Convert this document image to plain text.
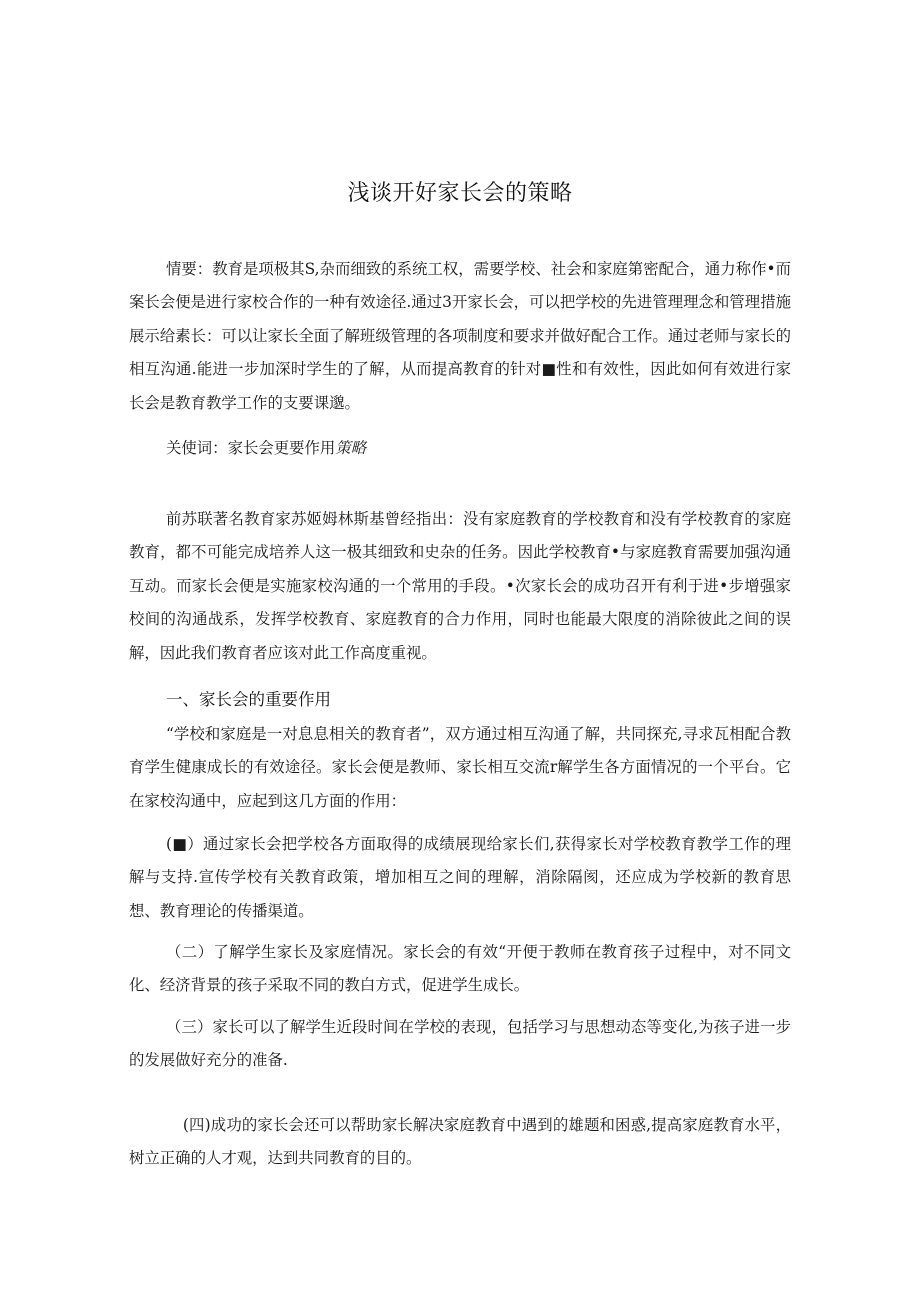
浅谈开好家长会的策略

情要：教育是项极其S,杂而细致的系统工权，需要学校、社会和家庭第密配合，通力称作•而案长会便是进行家校合作的一种有效途径.通过3开家长会，可以把学校的先进管理理念和管理措施展示给素长：可以让家长全面了解班级管理的各项制度和要求并做好配合工作。通过老师与家长的相互沟通.能进一步加深时学生的了解，从而提高教育的针对■性和有效性，因此如何有效进行家长会是教育教学工作的支要课邈。

关使词：家长会更要作用策略

前苏联著名教育家苏姬姆林斯基曾经指出：没有家庭教育的学校教育和没有学校教育的家庭教育，都不可能完成培养人这一极其细致和史杂的任务。因此学校教育•与家庭教育需要加强沟通互动。而家长会便是实施家校沟通的一个常用的手段。•次家长会的成功召开有利于进•步增强家校间的沟通战系，发挥学校教育、家庭教育的合力作用，同时也能最大限度的消除彼此之间的误解，因此我们教育者应该对此工作高度重视。

一、家长会的重要作用

“学校和家庭是一对息息相关的教育者”，双方通过相互沟通了解，共同探充,寻求瓦相配合教育学生健康成长的有效途径。家长会便是教师、家长相互交流r解学生各方面情况的一个平台。它在家校沟通中，应起到这几方面的作用：

(■）通过家长会把学校各方面取得的成绩展现给家长们,获得家长对学校教育教学工作的理解与支持.宣传学校有关教育政策，增加相互之间的理解，消除隔阂，还应成为学校新的教育思想、教育理论的传播渠道。

（二）了解学生家长及家庭情况。家长会的有效“开便于教师在教育孩子过程中，对不同文化、经济背景的孩子采取不同的教白方式，促进学生成长。

（三）家长可以了解学生近段时间在学校的表现，包括学习与思想动态等变化,为孩子进一步的发展做好充分的准备.

(四)成功的家长会还可以帮助家长解决家庭教育中遇到的雄题和困惑,提高家庭教育水平，树立正确的人才观，达到共同教育的目的。
